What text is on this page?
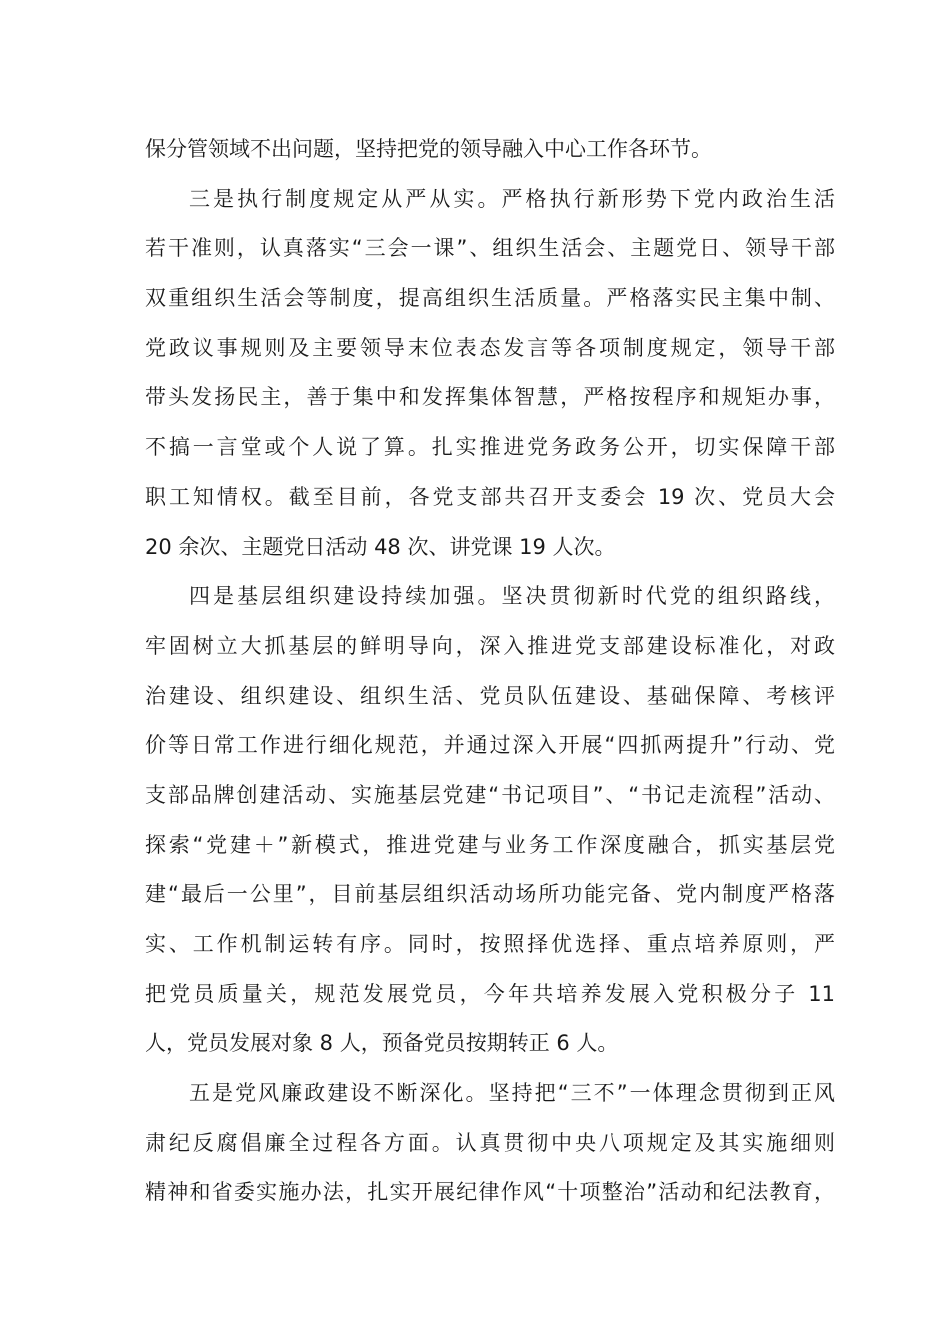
保分管领域不出问题，坚持把党的领导融入中心工作各环节。
三是执行制度规定从严从实。严格执行新形势下党内政治生活
若干准则，认真落实“三会一课”、组织生活会、主题党日、领导干部
双重组织生活会等制度，提高组织生活质量。严格落实民主集中制、
党政议事规则及主要领导末位表态发言等各项制度规定，领导干部
带头发扬民主，善于集中和发挥集体智慧，严格按程序和规矩办事，
不搞一言堂或个人说了算。扎实推进党务政务公开，切实保障干部
职工知情权。截至目前，各党支部共召开支委会 19 次、党员大会
20 余次、主题党日活动 48 次、讲党课 19 人次。
四是基层组织建设持续加强。坚决贯彻新时代党的组织路线，
牢固树立大抓基层的鲜明导向，深入推进党支部建设标准化，对政
治建设、组织建设、组织生活、党员队伍建设、基础保障、考核评
价等日常工作进行细化规范，并通过深入开展“四抓两提升”行动、党
支部品牌创建活动、实施基层党建“书记项目”、“书记走流程”活动、
探索“党建＋”新模式，推进党建与业务工作深度融合，抓实基层党
建“最后一公里”，目前基层组织活动场所功能完备、党内制度严格落
实、工作机制运转有序。同时，按照择优选择、重点培养原则，严
把党员质量关，规范发展党员，今年共培养发展入党积极分子 11
人，党员发展对象 8 人，预备党员按期转正 6 人。
五是党风廉政建设不断深化。坚持把“三不”一体理念贯彻到正风
肃纪反腐倡廉全过程各方面。认真贯彻中央八项规定及其实施细则
精神和省委实施办法，扎实开展纪律作风“十项整治”活动和纪法教育，
